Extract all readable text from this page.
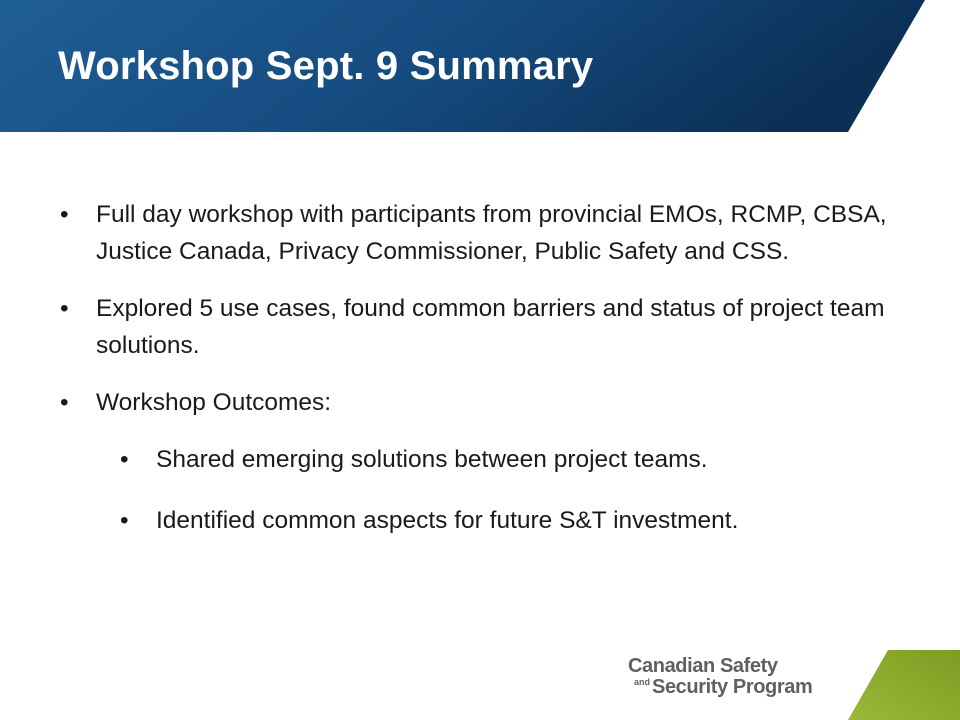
Workshop Sept. 9 Summary

• Full day workshop with participants from provincial EMOs, RCMP, CBSA, Justice Canada, Privacy Commissioner, Public Safety and CSS.

• Explored 5 use cases, found common barriers and status of project team solutions.

• Workshop Outcomes:

• Shared emerging solutions between project teams.

• Identified common aspects for future S&T investment.

Canadian Safety
and Security Program
